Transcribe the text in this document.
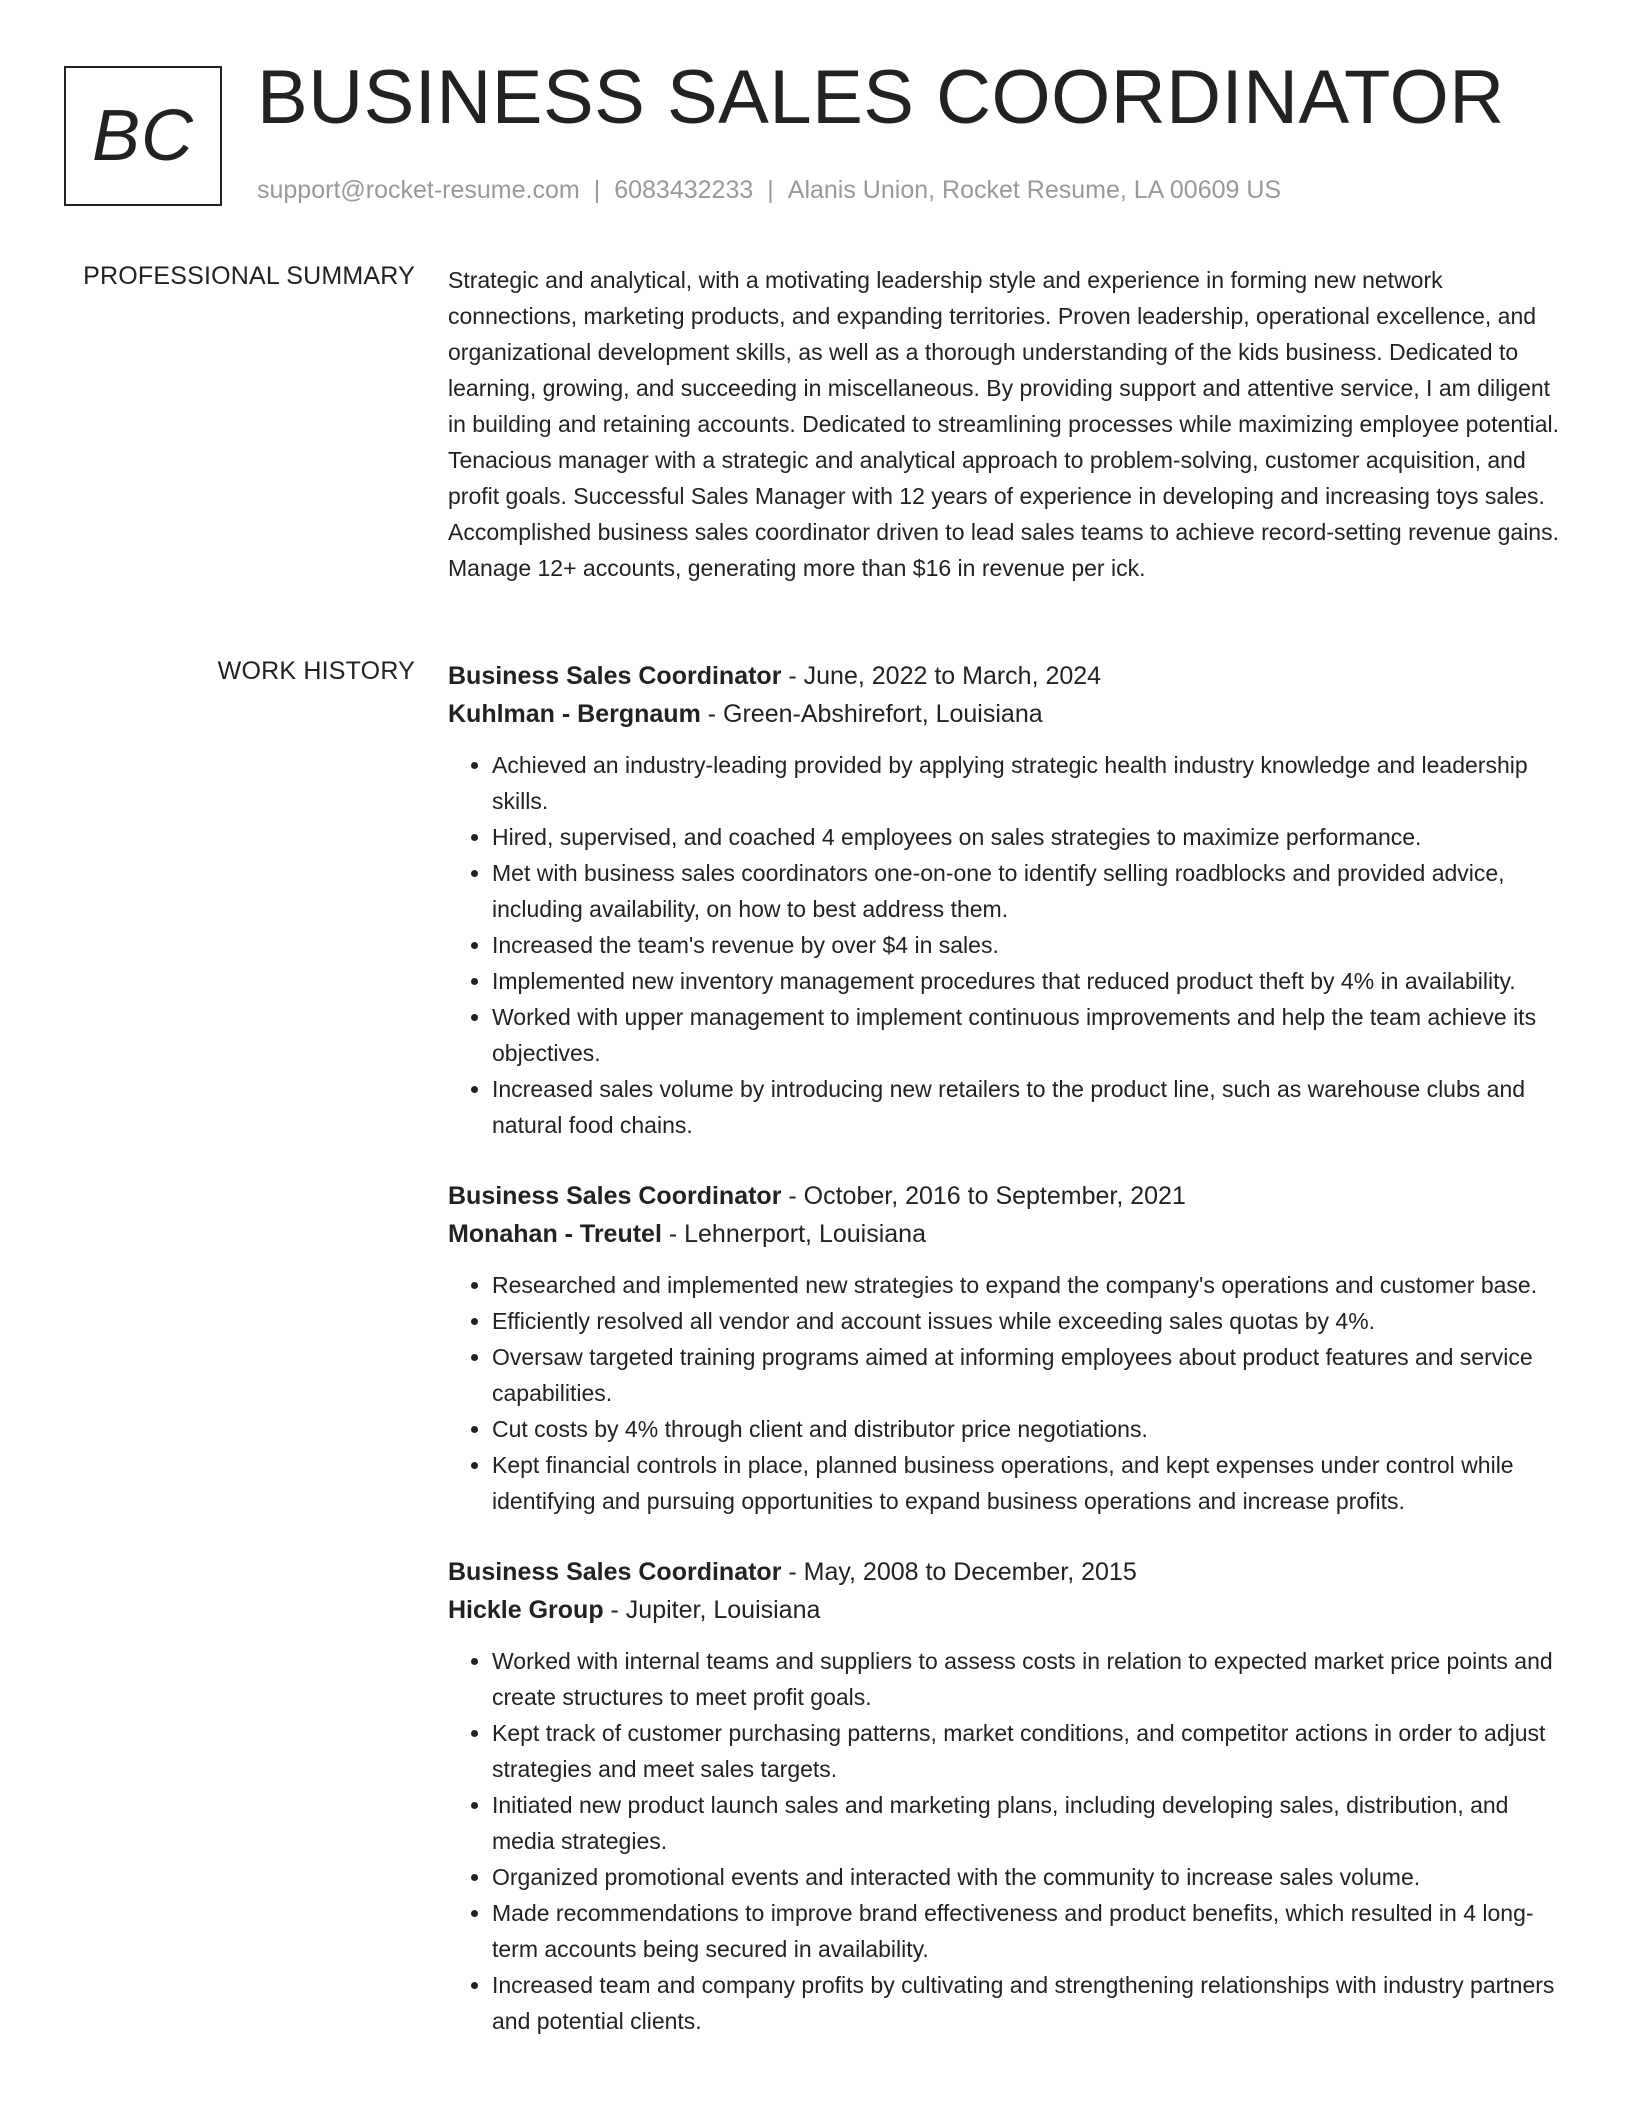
BC BUSINESS SALES COORDINATOR
support@rocket-resume.com | 6083432233 | Alanis Union, Rocket Resume, LA 00609 US
PROFESSIONAL SUMMARY Strategic and analytical, with a motivating leadership style and experience in forming new network connections, marketing products, and expanding territories. Proven leadership, operational excellence, and organizational development skills, as well as a thorough understanding of the kids business. Dedicated to learning, growing, and succeeding in miscellaneous. By providing support and attentive service, I am diligent in building and retaining accounts. Dedicated to streamlining processes while maximizing employee potential. Tenacious manager with a strategic and analytical approach to problem-solving, customer acquisition, and profit goals. Successful Sales Manager with 12 years of experience in developing and increasing toys sales. Accomplished business sales coordinator driven to lead sales teams to achieve record-setting revenue gains. Manage 12+ accounts, generating more than $16 in revenue per ick.

WORK HISTORY Business Sales Coordinator - June, 2022 to March, 2024

Kuhlman - Bergnaum - Green-Abshirefort, Louisiana

• Achieved an industry-leading provided by applying strategic health industry knowledge and leadership skills.
• Hired, supervised, and coached 4 employees on sales strategies to maximize performance.
• Met with business sales coordinators one-on-one to identify selling roadblocks and provided advice, including availability, on how to best address them.
• Increased the team's revenue by over $4 in sales.
• Implemented new inventory management procedures that reduced product theft by 4% in availability.
• Worked with upper management to implement continuous improvements and help the team achieve its objectives.
• Increased sales volume by introducing new retailers to the product line, such as warehouse clubs and natural food chains.

Business Sales Coordinator - October, 2016 to September, 2021

Monahan - Treutel - Lehnerport, Louisiana

• Researched and implemented new strategies to expand the company's operations and customer base.
• Efficiently resolved all vendor and account issues while exceeding sales quotas by 4%.
• Oversaw targeted training programs aimed at informing employees about product features and service capabilities.
• Cut costs by 4% through client and distributor price negotiations.
• Kept financial controls in place, planned business operations, and kept expenses under control while identifying and pursuing opportunities to expand business operations and increase profits.

Business Sales Coordinator - May, 2008 to December, 2015

Hickle Group - Jupiter, Louisiana

• Worked with internal teams and suppliers to assess costs in relation to expected market price points and create structures to meet profit goals.
• Kept track of customer purchasing patterns, market conditions, and competitor actions in order to adjust strategies and meet sales targets.
• Initiated new product launch sales and marketing plans, including developing sales, distribution, and media strategies.
• Organized promotional events and interacted with the community to increase sales volume.
• Made recommendations to improve brand effectiveness and product benefits, which resulted in 4 long-term accounts being secured in availability.
• Increased team and company profits by cultivating and strengthening relationships with industry partners and potential clients.
